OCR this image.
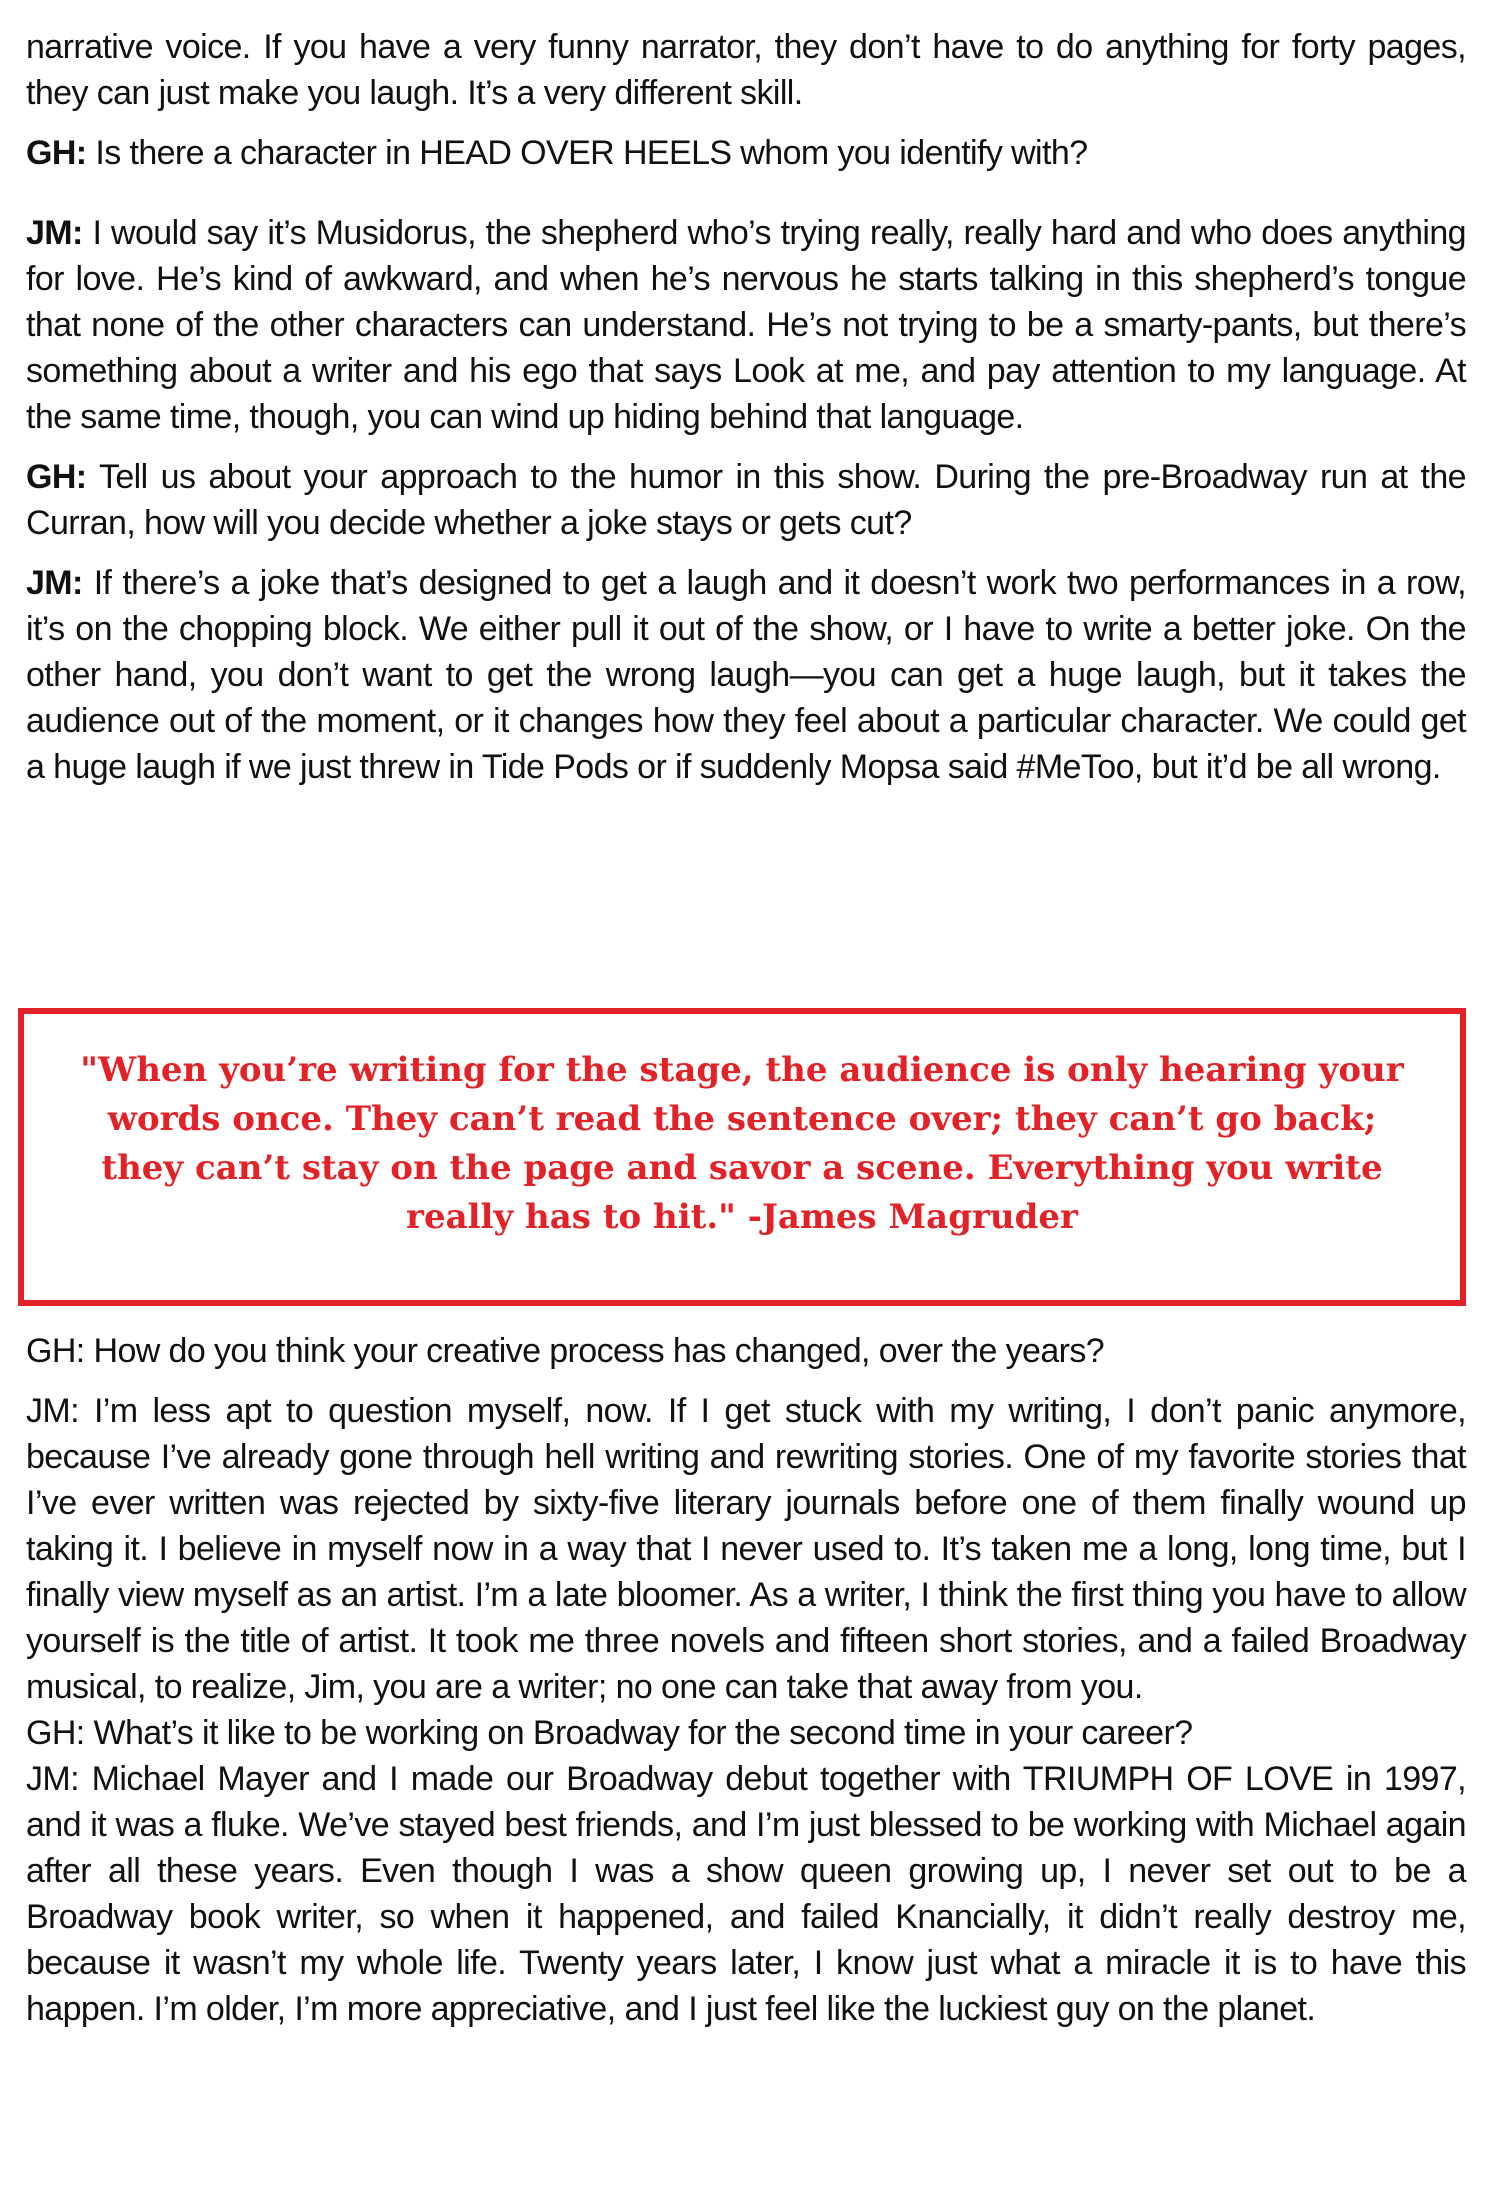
narrative voice. If you have a very funny narrator, they don’t have to do anything for forty pages, they can just make you laugh. It’s a very different skill.

GH: Is there a character in HEAD OVER HEELS whom you identify with?

JM: I would say it’s Musidorus, the shepherd who’s trying really, really hard and who does anything for love. He’s kind of awkward, and when he’s nervous he starts talking in this shepherd’s tongue that none of the other characters can understand. He’s not trying to be a smarty-pants, but there’s something about a writer and his ego that says Look at me, and pay attention to my language. At the same time, though, you can wind up hiding behind that language.

GH: Tell us about your approach to the humor in this show. During the pre-Broadway run at the Curran, how will you decide whether a joke stays or gets cut?

JM: If there’s a joke that’s designed to get a laugh and it doesn’t work two performances in a row, it’s on the chopping block. We either pull it out of the show, or I have to write a better joke. On the other hand, you don’t want to get the wrong laugh—you can get a huge laugh, but it takes the audience out of the moment, or it changes how they feel about a particular character. We could get a huge laugh if we just threw in Tide Pods or if suddenly Mopsa said #MeToo, but it’d be all wrong.

"When you’re writing for the stage, the audience is only hearing your words once. They can’t read the sentence over; they can’t go back; they can’t stay on the page and savor a scene. Everything you write really has to hit." -James Magruder

GH: How do you think your creative process has changed, over the years?

JM: I’m less apt to question myself, now. If I get stuck with my writing, I don’t panic anymore, because I’ve already gone through hell writing and rewriting stories. One of my favorite stories that I’ve ever written was rejected by sixty-five literary journals before one of them finally wound up taking it. I believe in myself now in a way that I never used to. It’s taken me a long, long time, but I finally view myself as an artist. I’m a late bloomer. As a writer, I think the first thing you have to allow yourself is the title of artist. It took me three novels and fifteen short stories, and a failed Broadway musical, to realize, Jim, you are a writer; no one can take that away from you.

GH: What’s it like to be working on Broadway for the second time in your career?

JM: Michael Mayer and I made our Broadway debut together with TRIUMPH OF LOVE in 1997, and it was a fluke. We’ve stayed best friends, and I’m just blessed to be working with Michael again after all these years. Even though I was a show queen growing up, I never set out to be a Broadway book writer, so when it happened, and failed Knancially, it didn’t really destroy me, because it wasn’t my whole life. Twenty years later, I know just what a miracle it is to have this happen. I’m older, I’m more appreciative, and I just feel like the luckiest guy on the planet.
